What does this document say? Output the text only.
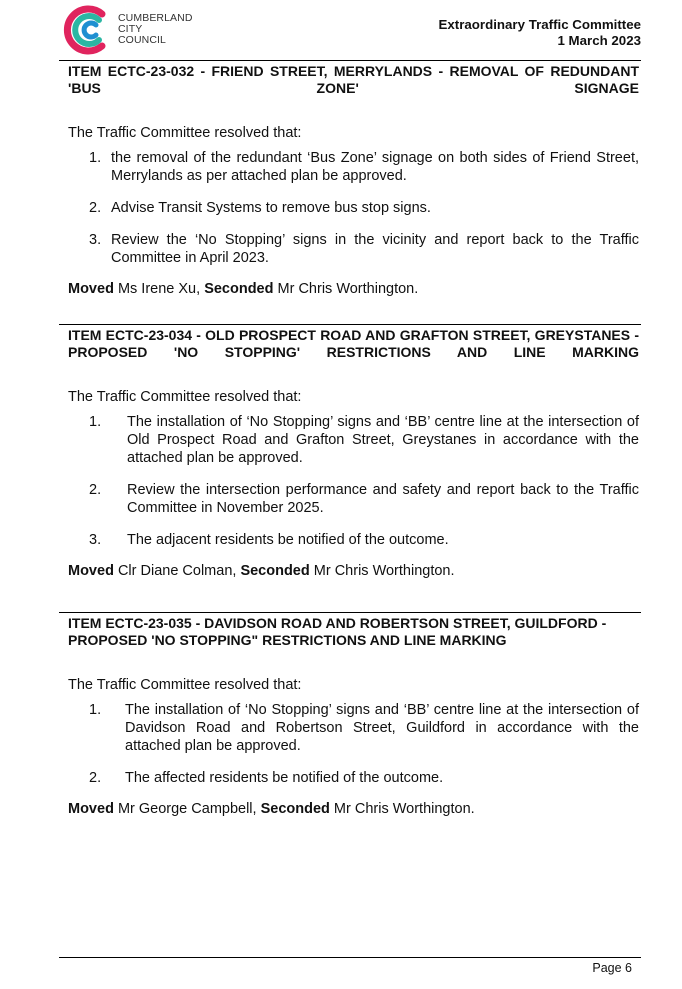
CUMBERLAND
CITY COUNCIL
Extraordinary Traffic Committee
1 March 2023
ITEM ECTC-23-032 - FRIEND STREET, MERRYLANDS - REMOVAL OF REDUNDANT 'BUS ZONE' SIGNAGE
The Traffic Committee resolved that:
1. the removal of the redundant ‘Bus Zone’ signage on both sides of Friend Street, Merrylands as per attached plan be approved.
2. Advise Transit Systems to remove bus stop signs.
3. Review the ‘No Stopping’ signs in the vicinity and report back to the Traffic Committee in April 2023.
Moved Ms Irene Xu, Seconded Mr Chris Worthington.
ITEM ECTC-23-034 - OLD PROSPECT ROAD AND GRAFTON STREET, GREYSTANES - PROPOSED 'NO STOPPING' RESTRICTIONS AND LINE MARKING
The Traffic Committee resolved that:
1. The installation of ‘No Stopping’ signs and ‘BB’ centre line at the intersection of Old Prospect Road and Grafton Street, Greystanes in accordance with the attached plan be approved.
2. Review the intersection performance and safety and report back to the Traffic Committee in November 2025.
3. The adjacent residents be notified of the outcome.
Moved Clr Diane Colman, Seconded Mr Chris Worthington.
ITEM ECTC-23-035 - DAVIDSON ROAD AND ROBERTSON STREET, GUILDFORD - PROPOSED 'NO STOPPING" RESTRICTIONS AND LINE MARKING
The Traffic Committee resolved that:
1. The installation of ‘No Stopping’ signs and ‘BB’ centre line at the intersection of Davidson Road and Robertson Street, Guildford in accordance with the attached plan be approved.
2. The affected residents be notified of the outcome.
Moved Mr George Campbell, Seconded Mr Chris Worthington.
Page 6
